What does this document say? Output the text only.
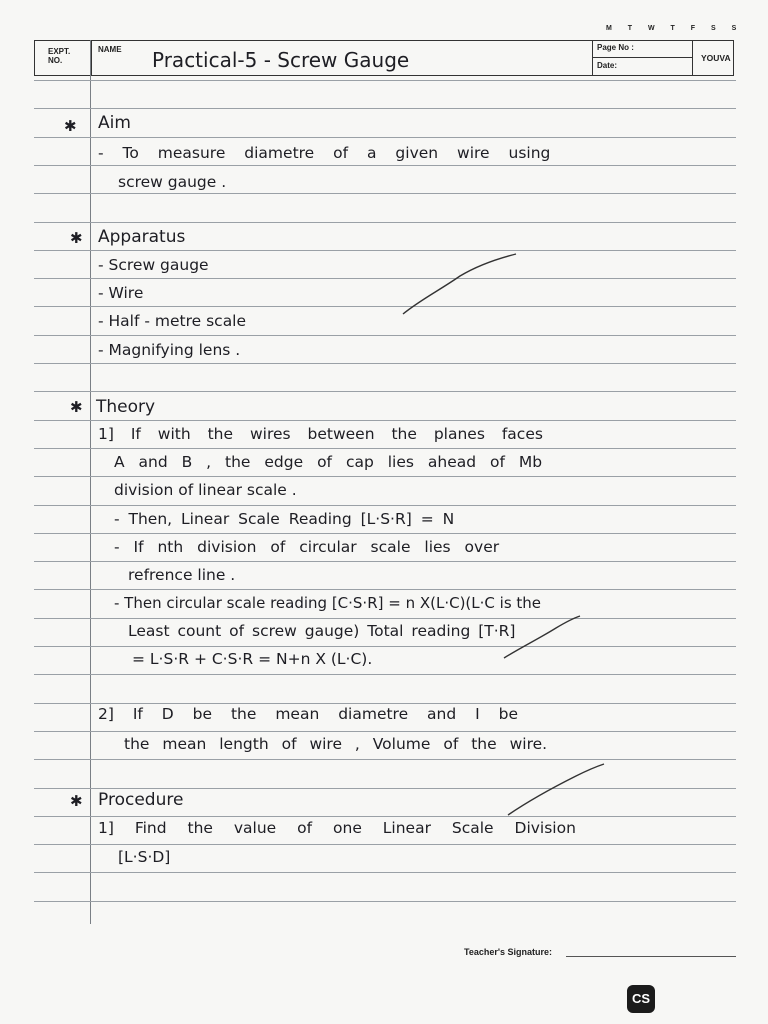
M T W T F S S
EXPT.
NO.
NAME	Page No :
Date:
YOUVA
Practical-5 - Screw Gauge
✱ Aim
- To measure diametre of a given wire using
screw gauge .
✱ Apparatus
- Screw gauge
- Wire
- Half - metre scale
- Magnifying lens .
✱ Theory
1] If with the wires between the planes faces
A and B , the edge of cap lies ahead of Mb
division of linear scale .
- Then, Linear Scale Reading [L·S·R] = N
- If nth division of circular scale lies over
refrence line .
- Then circular scale reading [C·S·R] = n X(L·C)(L·C is the
Least count of screw gauge) Total reading [T·R]
= L·S·R + C·S·R = N+n X (L·C).
2] If D be the mean diametre and I be
the mean length of wire , Volume of the wire.
✱ Procedure
1] Find the value of one Linear Scale Division
[L·S·D]
Teacher's Signature:
CS
